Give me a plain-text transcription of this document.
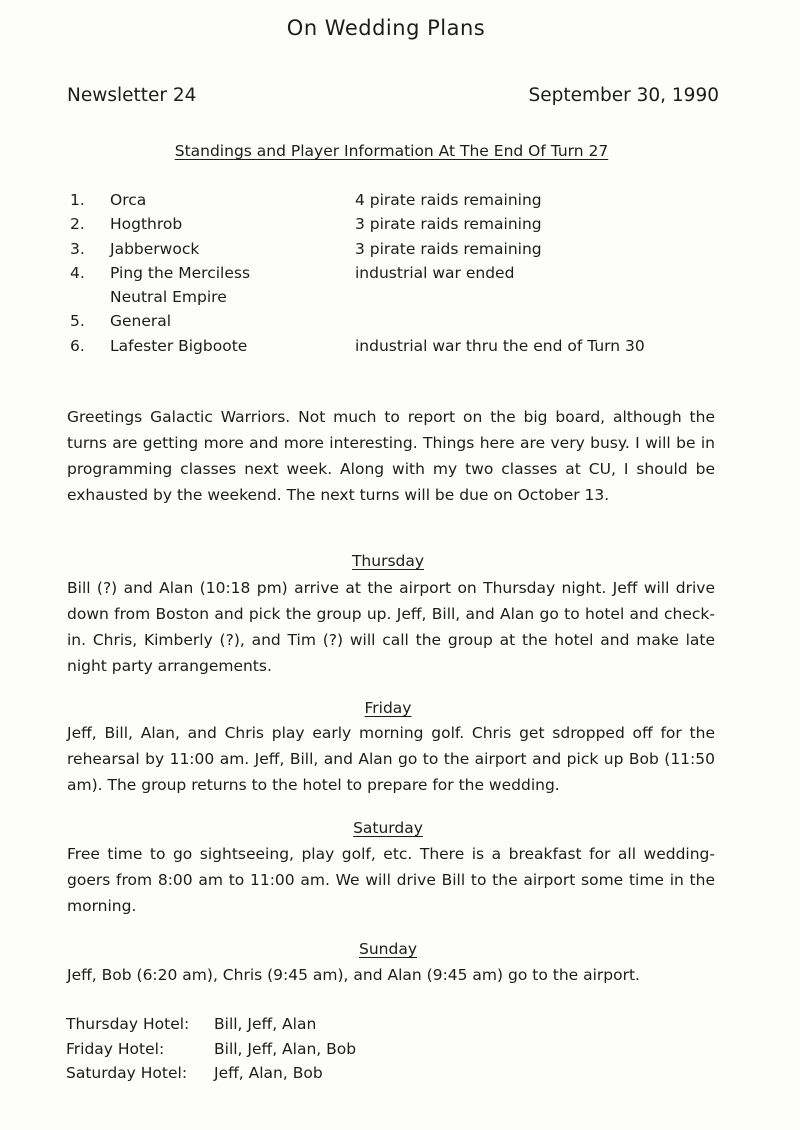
On Wedding Plans
Newsletter 24	September 30, 1990
Standings and Player Information At The End Of Turn 27
1. Orca	4 pirate raids remaining
2. Hogthrob	3 pirate raids remaining
3. Jabberwock	3 pirate raids remaining
4. Ping the Merciless	industrial war ended
Neutral Empire
5. General
6. Lafester Bigboote	industrial war thru the end of Turn 30

Greetings Galactic Warriors. Not much to report on the big board, although the turns are getting more and more interesting. Things here are very busy. I will be in programming classes next week. Along with my two classes at CU, I should be exhausted by the weekend. The next turns will be due on October 13.

Thursday

Bill (?) and Alan (10:18 pm) arrive at the airport on Thursday night. Jeff will drive down from Boston and pick the group up. Jeff, Bill, and Alan go to hotel and check-in. Chris, Kimberly (?), and Tim (?) will call the group at the hotel and make late night party arrangements.

Friday

Jeff, Bill, Alan, and Chris play early morning golf. Chris get sdropped off for the rehearsal by 11:00 am. Jeff, Bill, and Alan go to the airport and pick up Bob (11:50 am). The group returns to the hotel to prepare for the wedding.

Saturday

Free time to go sightseeing, play golf, etc. There is a breakfast for all wedding-goers from 8:00 am to 11:00 am. We will drive Bill to the airport some time in the morning.

Sunday

Jeff, Bob (6:20 am), Chris (9:45 am), and Alan (9:45 am) go to the airport.

Thursday Hotel: Bill, Jeff, Alan
Friday Hotel:	Bill, Jeff, Alan, Bob
Saturday Hotel: Jeff, Alan, Bob
